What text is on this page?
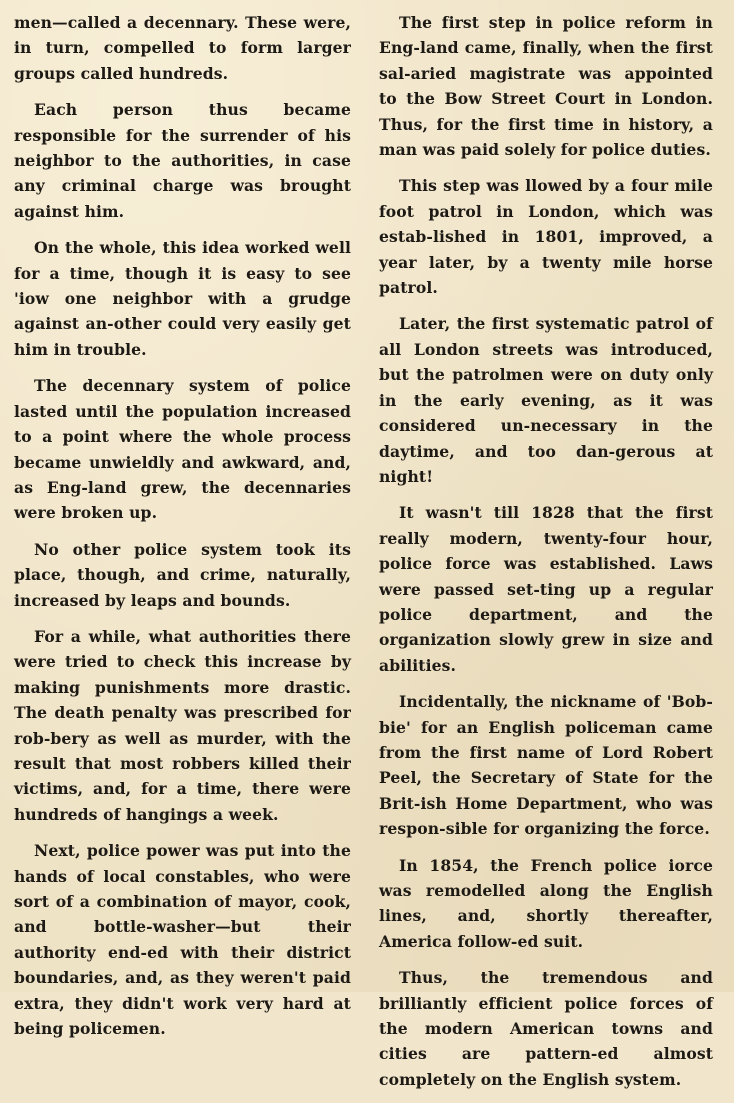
men—called a decennary. These were, in turn, compelled to form larger groups called hundreds.

Each person thus became responsible for the surrender of his neighbor to the authorities, in case any criminal charge was brought against him.

On the whole, this idea worked well for a time, though it is easy to see 'iow one neighbor with a grudge against an-other could very easily get him in trouble.

The decennary system of police lasted until the population increased to a point where the whole process became unwieldly and awkward, and, as Eng-land grew, the decennaries were broken up.

No other police system took its place, though, and crime, naturally, increased by leaps and bounds.

For a while, what authorities there were tried to check this increase by making punishments more drastic. The death penalty was prescribed for rob-bery as well as murder, with the result that most robbers killed their victims, and, for a time, there were hundreds of hangings a week.

Next, police power was put into the hands of local constables, who were sort of a combination of mayor, cook, and bottle-washer—but their authority end-ed with their district boundaries, and, as they weren't paid extra, they didn't work very hard at being policemen.

The first step in police reform in Eng-land came, finally, when the first sal-aried magistrate was appointed to the Bow Street Court in London. Thus, for the first time in history, a man was paid solely for police duties.

This step was llowed by a four mile foot patrol in London, which was estab-lished in 1801, improved, a year later, by a twenty mile horse patrol.

Later, the first systematic patrol of all London streets was introduced, but the patrolmen were on duty only in the early evening, as it was considered un-necessary in the daytime, and too dan-gerous at night!

It wasn't till 1828 that the first really modern, twenty-four hour, police force was established. Laws were passed set-ting up a regular police department, and the organization slowly grew in size and abilities.

Incidentally, the nickname of 'Bob-bie' for an English policeman came from the first name of Lord Robert Peel, the Secretary of State for the Brit-ish Home Department, who was respon-sible for organizing the force.

In 1854, the French police iorce was remodelled along the English lines, and, shortly thereafter, America follow-ed suit.

Thus, the tremendous and brilliantly efficient police forces of the modern American towns and cities are pattern-ed almost completely on the English system.
